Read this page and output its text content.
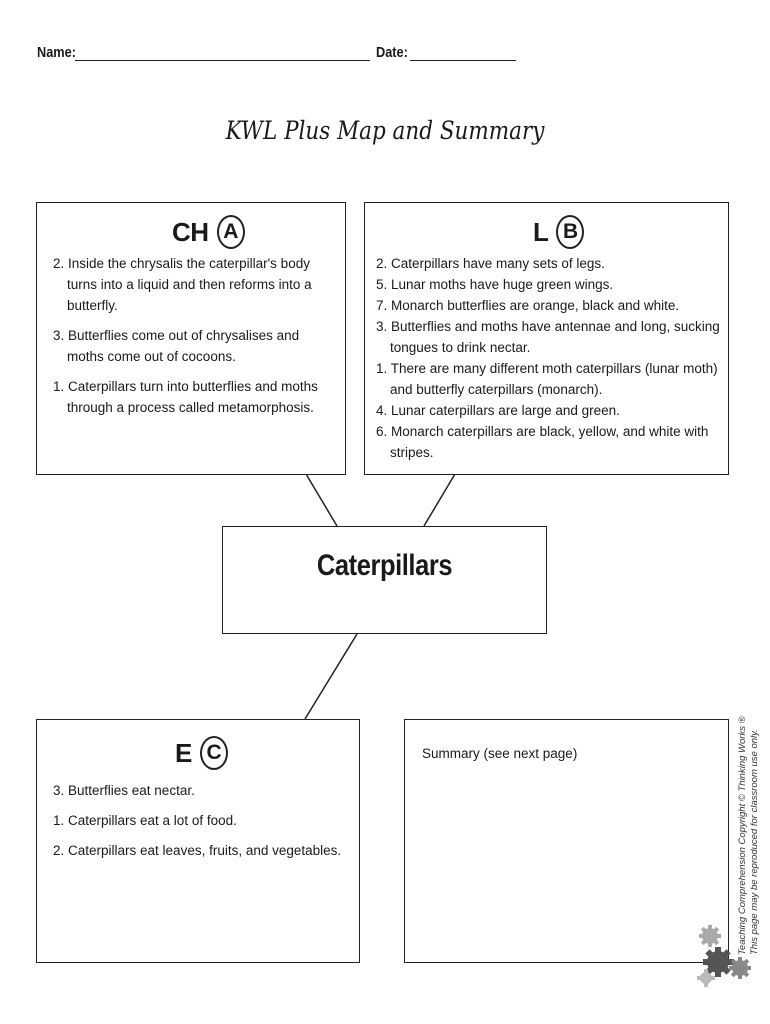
Name:	Date:
KWL Plus Map and Summary
CH A
2. Inside the chrysalis the caterpillar's body turns into a liquid and then reforms into a butterfly.
3. Butterflies come out of chrysalises and moths come out of cocoons.
1. Caterpillars turn into butterflies and moths through a process called metamorphosis.
L B
2. Caterpillars have many sets of legs.
5. Lunar moths have huge green wings.
7. Monarch butterflies are orange, black and white.
3. Butterflies and moths have antennae and long, sucking tongues to drink nectar.
1. There are many different moth caterpillars (lunar moth) and butterfly caterpillars (monarch).
4. Lunar caterpillars are large and green.
6. Monarch caterpillars are black, yellow, and white with stripes.
Caterpillars
E C
3. Butterflies eat nectar.
1. Caterpillars eat a lot of food.
2. Caterpillars eat leaves, fruits, and vegetables.
Summary (see next page)	Teaching Comprehension Copyright © Thinking Works ® This page may be reproduced for classroom use only.
